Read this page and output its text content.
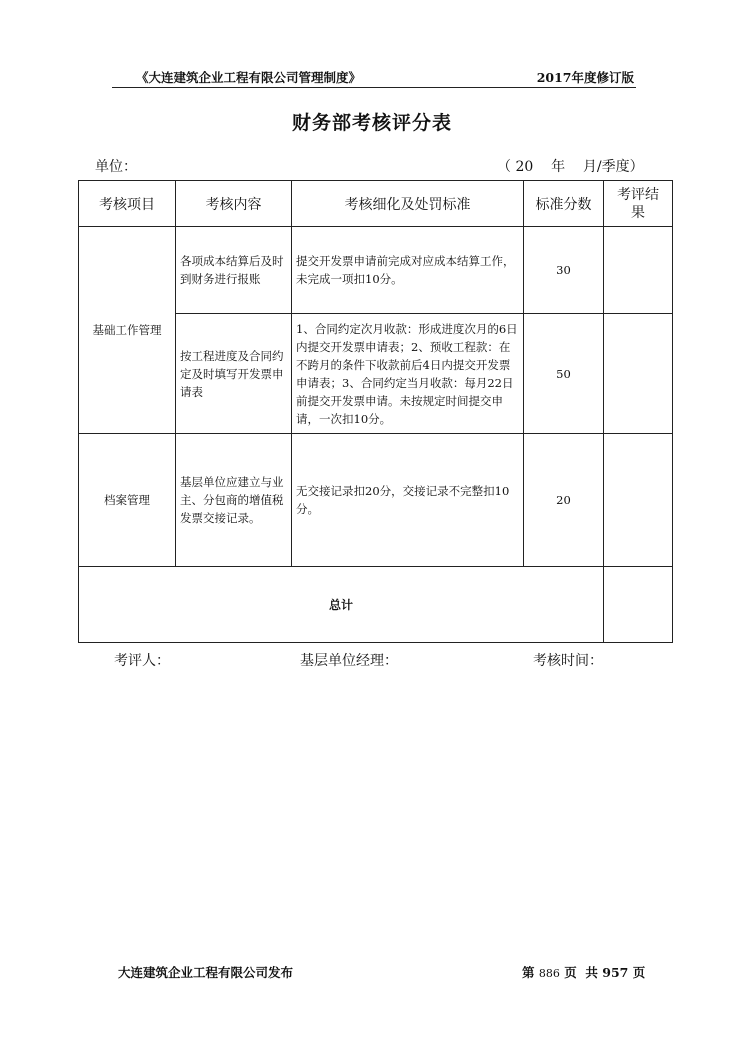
《大连建筑企业工程有限公司管理制度》	2017年度修订版
财务部考核评分表
单位：	（ 20    年    月/季度）
考核项目	考核内容	考核细化及处罚标准	标准分数	考评结果
基础工作管理	各项成本结算后及时到财务进行报账	提交开发票申请前完成对应成本结算工作，未完成一项扣10分。	30	
	按工程进度及合同约定及时填写开发票申请表	1、合同约定次月收款：形成进度次月的6日内提交开发票申请表；2、预收工程款：在不跨月的条件下收款前后4日内提交开发票申请表；3、合同约定当月收款：每月22日前提交开发票申请。未按规定时间提交申请，一次扣10分。	50	
档案管理	基层单位应建立与业主、分包商的增值税发票交接记录。	无交接记录扣20分，交接记录不完整扣10分。	20	
总计				
考评人：	基层单位经理：	考核时间：
大连建筑企业工程有限公司发布	第 886 页  共 957 页
